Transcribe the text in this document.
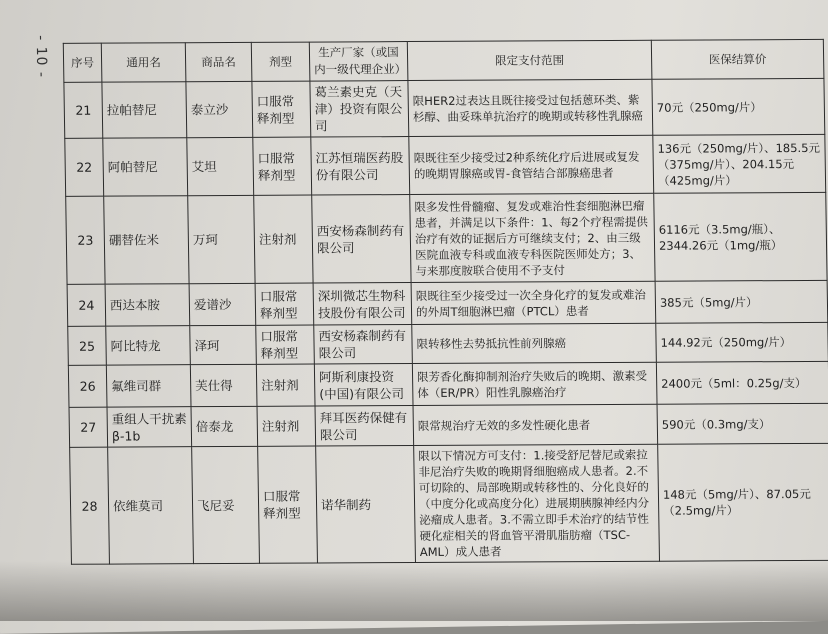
- 10 - 序号	通用名	商品名	剂型	生产厂家（或国内一级代理企业）	限定支付范围	医保结算价
21	拉帕替尼	泰立沙	口服常释剂型	葛兰素史克（天津）投资有限公司	限HER2过表达且既往接受过包括蒽环类、紫杉醇、曲妥珠单抗治疗的晚期或转移性乳腺癌	70元（250mg/片）
22	阿帕替尼	艾坦	口服常释剂型	江苏恒瑞医药股份有限公司	限既往至少接受过2种系统化疗后进展或复发的晚期胃腺癌或胃-食管结合部腺癌患者	136元（250mg/片）、185.5元（375mg/片）、204.15元（425mg/片）
23	硼替佐米	万珂	注射剂	西安杨森制药有限公司	限多发性骨髓瘤、复发或难治性套细胞淋巴瘤患者，并满足以下条件：1、每2个疗程需提供治疗有效的证据后方可继续支付；2、由三级医院血液专科或血液专科医院医师处方；3、与来那度胺联合使用不予支付	6116元（3.5mg/瓶）、2344.26元（1mg/瓶）
24	西达本胺	爱谱沙	口服常释剂型	深圳微芯生物科技股份有限公司	限既往至少接受过一次全身化疗的复发或难治的外周T细胞淋巴瘤（PTCL）患者	385元（5mg/片）
25	阿比特龙	泽珂	口服常释剂型	西安杨森制药有限公司	限转移性去势抵抗性前列腺癌	144.92元（250mg/片）
26	氟维司群	芙仕得	注射剂	阿斯利康投资(中国)有限公司	限芳香化酶抑制剂治疗失败后的晚期、激素受体（ER/PR）阳性乳腺癌治疗	2400元（5ml：0.25g/支）
27	重组人干扰素β-1b	倍泰龙	注射剂	拜耳医药保健有限公司	限常规治疗无效的多发性硬化患者	590元（0.3mg/支）
28	依维莫司	飞尼妥	口服常释剂型	诺华制药	限以下情况方可支付：1.接受舒尼替尼或索拉非尼治疗失败的晚期肾细胞癌成人患者。2.不可切除的、局部晚期或转移性的、分化良好的（中度分化或高度分化）进展期胰腺神经内分泌瘤成人患者。3.不需立即手术治疗的结节性硬化症相关的肾血管平滑肌脂肪瘤（TSC-AML）成人患者	148元（5mg/片）、87.05元（2.5mg/片）
